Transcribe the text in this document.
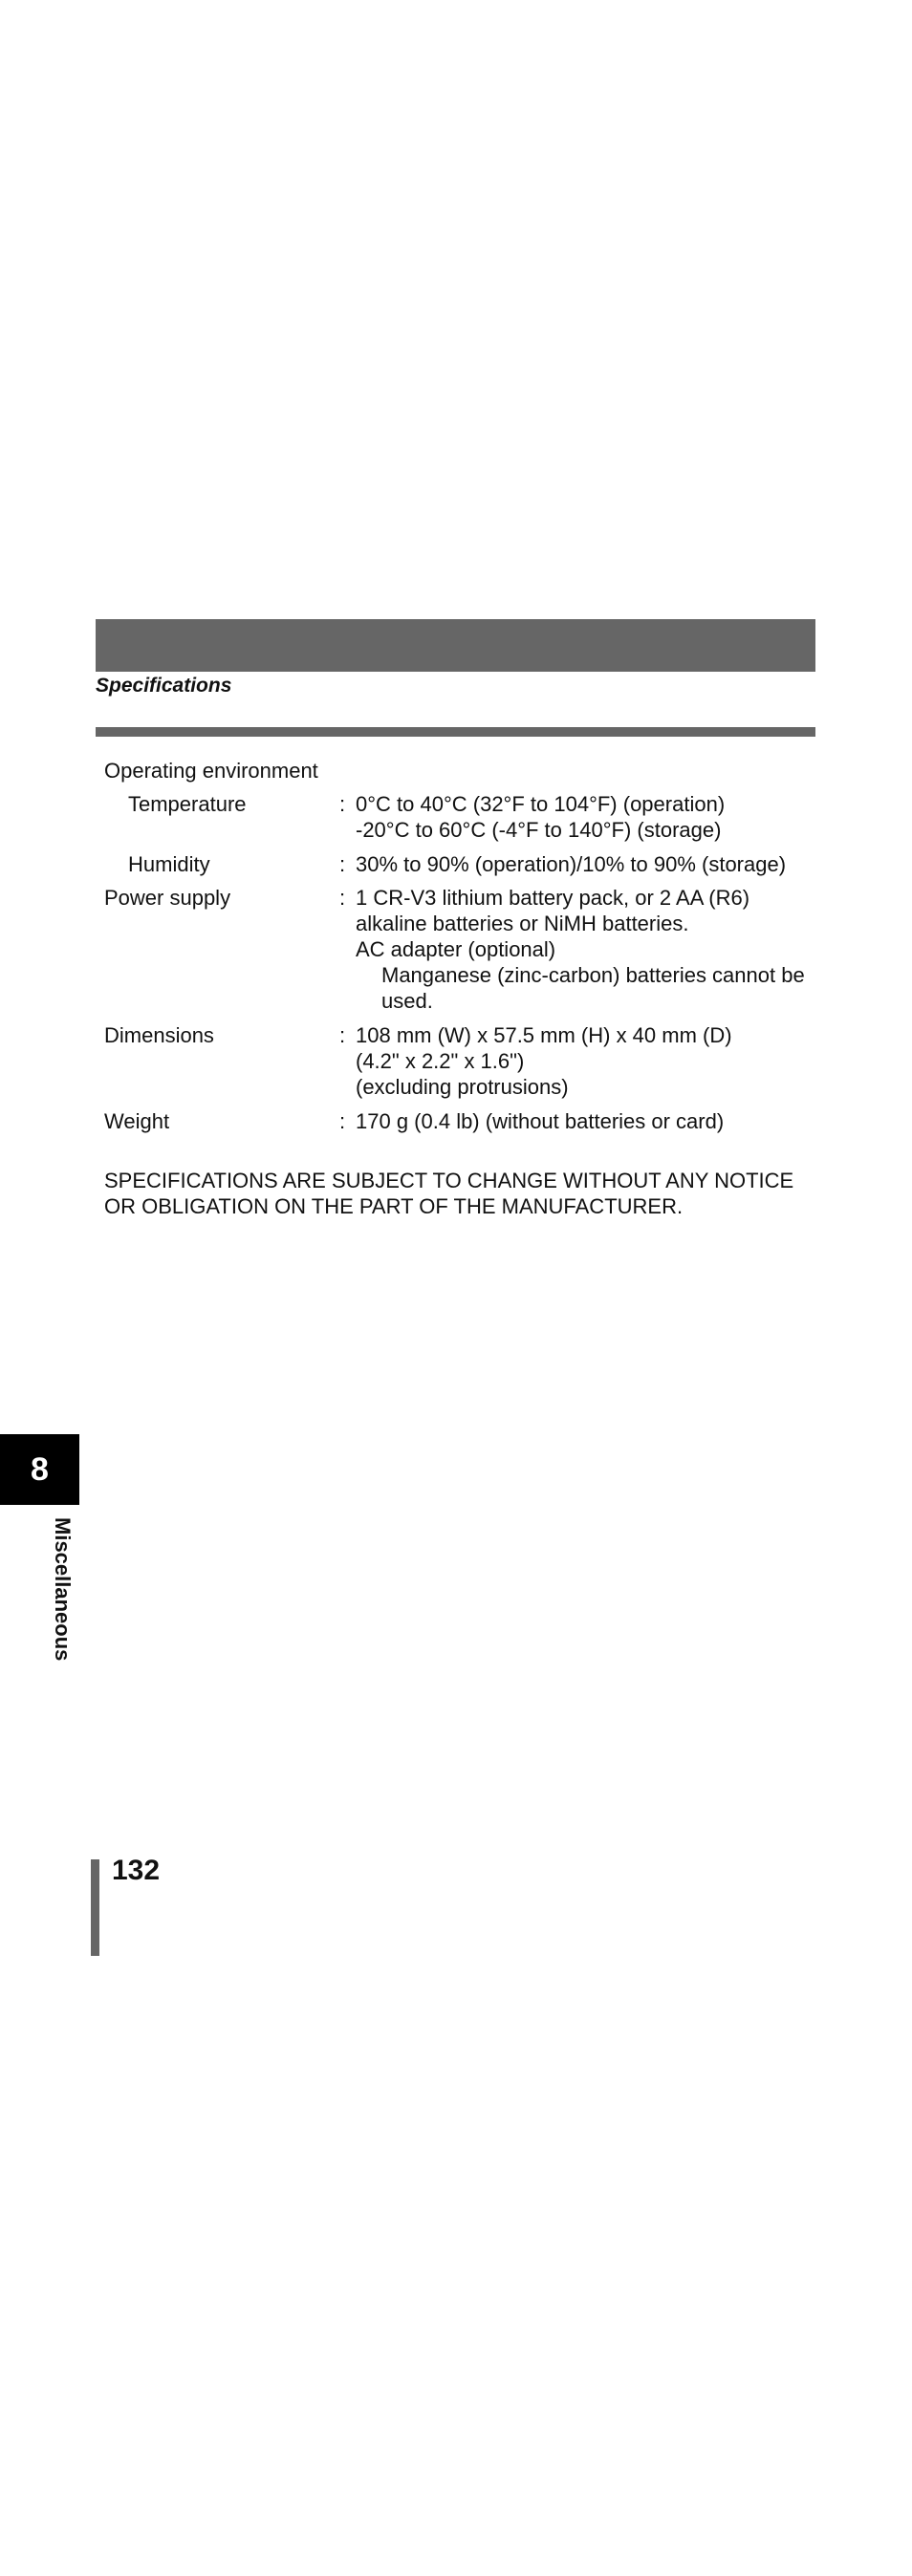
Specifications
Operating environment
Temperature	: 0°C to 40°C (32°F to 104°F) (operation)
-20°C to 60°C (-4°F to 140°F) (storage)
Humidity	: 30% to 90% (operation)/10% to 90% (storage)
Power supply	: 1 CR-V3 lithium battery pack, or 2 AA (R6)
alkaline batteries or NiMH batteries.
AC adapter (optional)
Manganese (zinc-carbon) batteries cannot be
used.
Dimensions	: 108 mm (W) x 57.5 mm (H) x 40 mm (D)
(4.2" x 2.2" x 1.6")
(excluding protrusions)
Weight	: 170 g (0.4 lb) (without batteries or card)
SPECIFICATIONS ARE SUBJECT TO CHANGE WITHOUT ANY NOTICE
OR OBLIGATION ON THE PART OF THE MANUFACTURER.
8
Miscellaneous
132
